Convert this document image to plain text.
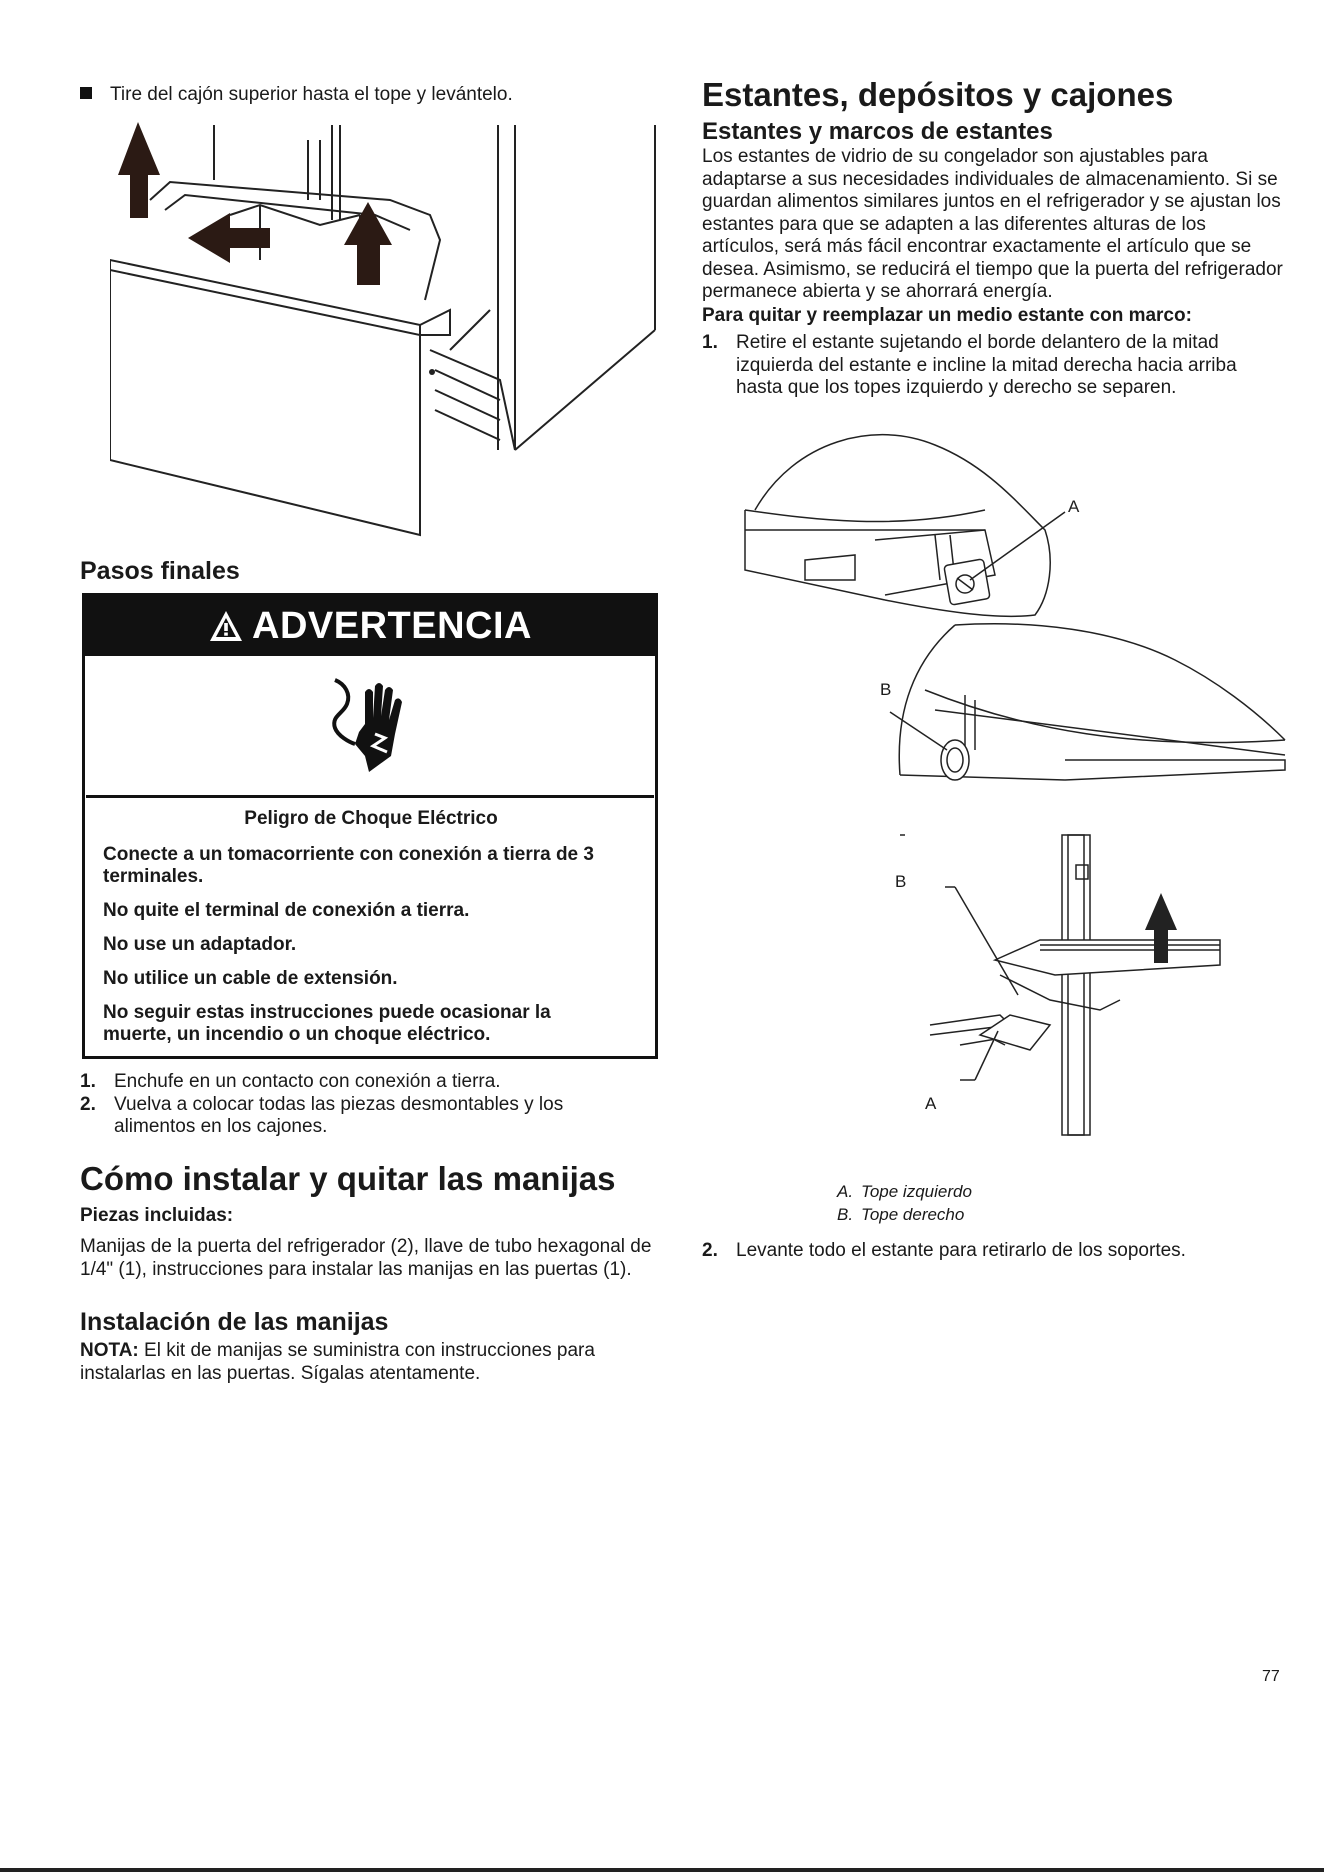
Tire del cajón superior hasta el tope y levántelo.
Pasos finales
ADVERTENCIA

Peligro de Choque Eléctrico

Conecte a un tomacorriente con conexión a tierra de 3 terminales.

No quite el terminal de conexión a tierra.

No use un adaptador.

No utilice un cable de extensión.

No seguir estas instrucciones puede ocasionar la muerte, un incendio o un choque eléctrico.

1. Enchufe en un contacto con conexión a tierra.
2. Vuelva a colocar todas las piezas desmontables y los alimentos en los cajones.
Cómo instalar y quitar las manijas
Piezas incluidas:
Manijas de la puerta del refrigerador (2), llave de tubo hexagonal de 1/4" (1), instrucciones para instalar las manijas en las puertas (1).
Instalación de las manijas
NOTA: El kit de manijas se suministra con instrucciones para instalarlas en las puertas. Sígalas atentamente.
Estantes, depósitos y cajones
Estantes y marcos de estantes
Los estantes de vidrio de su congelador son ajustables para adaptarse a sus necesidades individuales de almacenamiento. Si se guardan alimentos similares juntos en el refrigerador y se ajustan los estantes para que se adapten a las diferentes alturas de los artículos, será más fácil encontrar exactamente el artículo que se desea. Asimismo, se reducirá el tiempo que la puerta del refrigerador permanece abierta y se ahorrará energía.
Para quitar y reemplazar un medio estante con marco:
1. Retire el estante sujetando el borde delantero de la mitad izquierda del estante e incline la mitad derecha hacia arriba hasta que los topes izquierdo y derecho se separen.
A
B
B
A
A. Tope izquierdo
B. Tope derecho
2. Levante todo el estante para retirarlo de los soportes.
77
